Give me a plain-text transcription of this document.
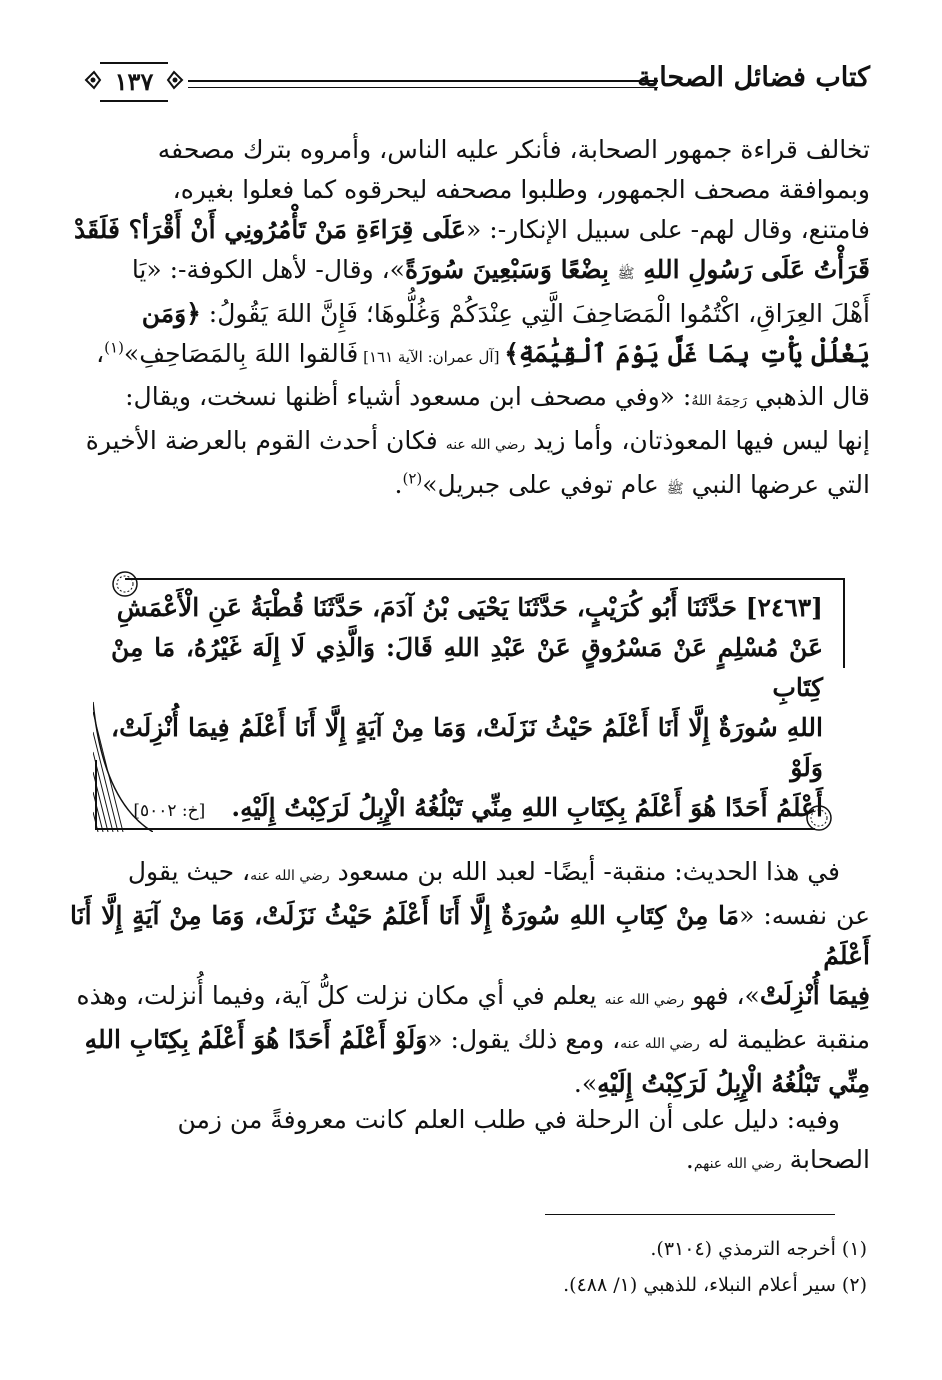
كتاب فضائل الصحابة
١٣٧
تخالف قراءة جمهور الصحابة، فأنكر عليه الناس، وأمروه بترك مصحفه
وبموافقة مصحف الجمهور، وطلبوا مصحفه ليحرقوه كما فعلوا بغيره،
فامتنع، وقال لهم- على سبيل الإنكار-: «عَلَى قِرَاءَةِ مَنْ تَأْمُرُونِي أَنْ أَقْرَأ؟ فَلَقَدْ
قَرَأْتُ عَلَى رَسُولِ اللهِ ﷺ بِضْعًا وَسَبْعِينَ سُورَةً»، وقال- لأهل الكوفة-: «يَا
أَهْلَ العِرَاقِ، اكْتُمُوا الْمَصَاحِفَ الَّتِي عِنْدَكُمْ وَغُلُّوهَا؛ فَإِنَّ اللهَ يَقُولُ: ﴿وَمَن
يَغْلُلْ يَأْتِ بِمَا غَلَّ يَوْمَ ٱلْقِيَٰمَةِ﴾ [آل عمران: الآية ١٦١] فَالقوا اللهَ بِالمَصَاحِفِ»$^{(١)}$،
قال الذهبي رَحِمَهُ اللهُ: «وفي مصحف ابن مسعود أشياء أظنها نسخت، ويقال:
إنها ليس فيها المعوذتان، وأما زيد رضي الله عنه فكان أحدث القوم بالعرضة الأخيرة
التي عرضها النبي ﷺ عام توفي على جبريل»$^{(٢)}$.
[٢٤٦٣] حَدَّثَنَا أَبُو كُرَيْبٍ، حَدَّثَنَا يَحْيَى بْنُ آدَمَ، حَدَّثَنَا قُطْبَةُ عَنِ الْأَعْمَشِ
عَنْ مُسْلِمٍ عَنْ مَسْرُوقٍ عَنْ عَبْدِ اللهِ قَالَ: وَالَّذِي لَا إِلَهَ غَيْرُهُ، مَا مِنْ كِتَابِ
اللهِ سُورَةٌ إِلَّا أَنَا أَعْلَمُ حَيْثُ نَزَلَتْ، وَمَا مِنْ آيَةٍ إِلَّا أَنَا أَعْلَمُ فِيمَا أُنْزِلَتْ، وَلَوْ
أَعْلَمُ أَحَدًا هُوَ أَعْلَمُ بِكِتَابِ اللهِ مِنِّي تَبْلُغُهُ الْإِبِلُ لَرَكِبْتُ إِلَيْهِ.   [خ: ٥٠٠٢]
في هذا الحديث: منقبة- أيضًا- لعبد الله بن مسعود رضي الله عنه، حيث يقول
عن نفسه: «مَا مِنْ كِتَابِ اللهِ سُورَةٌ إِلَّا أَنَا أَعْلَمُ حَيْثُ نَزَلَتْ، وَمَا مِنْ آيَةٍ إِلَّا أَنَا أَعْلَمُ
فِيمَا أُنْزِلَتْ»، فهو رضي الله عنه يعلم في أي مكان نزلت كلُّ آية، وفيما أُنزلت، وهذه
منقبة عظيمة له رضي الله عنه، ومع ذلك يقول: «وَلَوْ أَعْلَمُ أَحَدًا هُوَ أَعْلَمُ بِكِتَابِ اللهِ
مِنِّي تَبْلُغُهُ الْإِبِلُ لَرَكِبْتُ إِلَيْهِ».
وفيه: دليل على أن الرحلة في طلب العلم كانت معروفةً من زمن
الصحابة رضي الله عنهم.
(١) أخرجه الترمذي (٣١٠٤).
(٢) سير أعلام النبلاء، للذهبي (١/ ٤٨٨).
